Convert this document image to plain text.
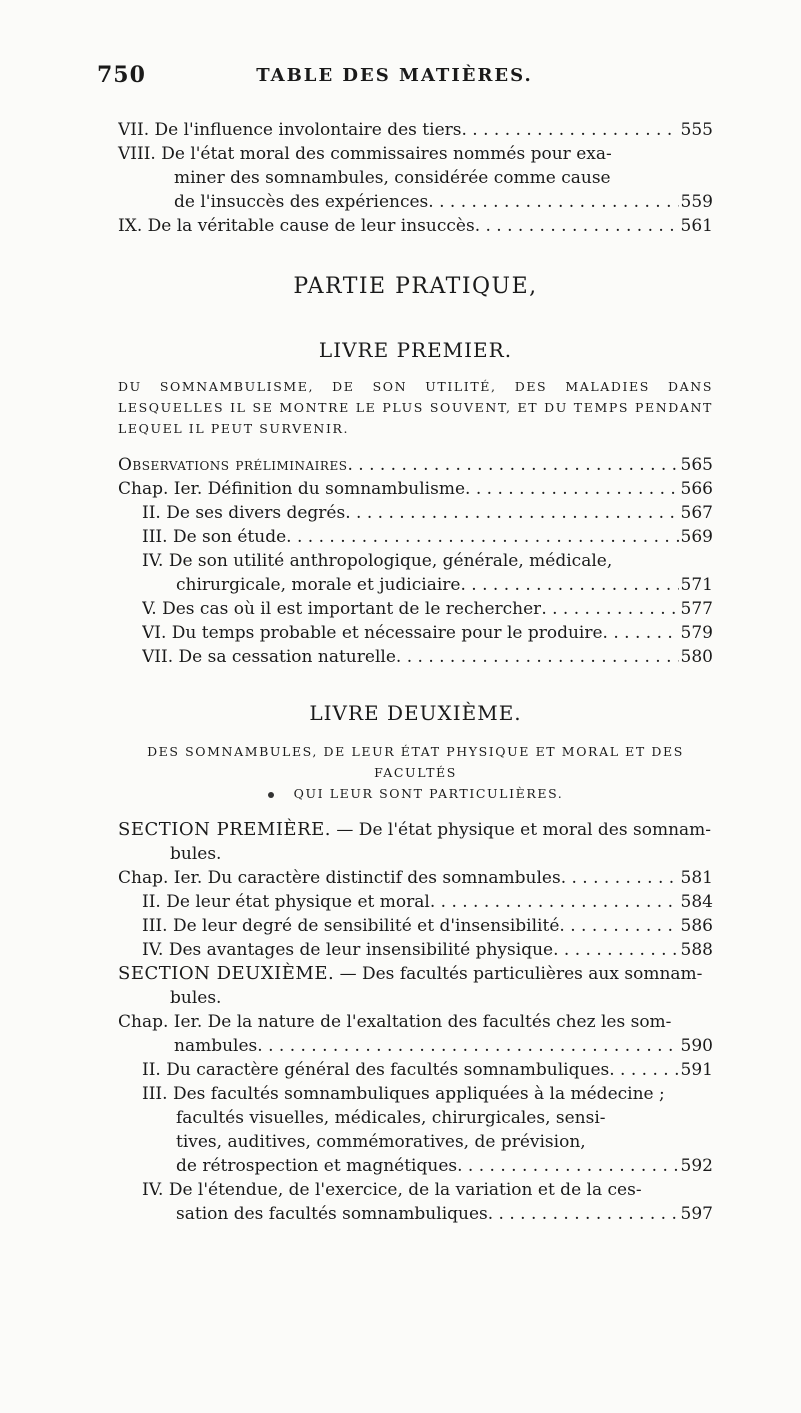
750	TABLE DES MATIÈRES.
VII. De l'influence involontaire des tiers . . .	555
VIII. De l'état moral des commissaires nommés pour exa-
miner des somnambules, considérée comme cause
de l'insuccès des expériences . . .	559
IX. De la véritable cause de leur insuccès . . .	561
PARTIE PRATIQUE,
LIVRE PREMIER.
DU SOMNAMBULISME, DE SON UTILITÉ, DES MALADIES DANS LESQUELLES IL SE MONTRE LE PLUS SOUVENT, ET DU TEMPS PENDANT LEQUEL IL PEUT SURVENIR.
Observations préliminaires . . .	565
Chap. Ier. Définition du somnambulisme . . .	566
II. De ses divers degrés . . .	567
III. De son étude . . .	569
IV. De son utilité anthropologique, générale, médicale,
chirurgicale, morale et judiciaire . . .	571
V. Des cas où il est important de le rechercher . . .	577
VI. Du temps probable et nécessaire pour le produire . . .	579
VII. De sa cessation naturelle . . .	580
LIVRE DEUXIÈME.
DES SOMNAMBULES, DE LEUR ÉTAT PHYSIQUE ET MORAL ET DES FACULTÉS
QUI LEUR SONT PARTICULIÈRES.
SECTION PREMIÈRE. — De l'état physique et moral des somnam-
bules.
Chap. Ier. Du caractère distinctif des somnambules . . .	581
II. De leur état physique et moral . . .	584
III. De leur degré de sensibilité et d'insensibilité . . .	586
IV. Des avantages de leur insensibilité physique . . .	588
SECTION DEUXIÈME. — Des facultés particulières aux somnam-
bules.
Chap. Ier. De la nature de l'exaltation des facultés chez les som-
nambules . . .	590
II. Du caractère général des facultés somnambuliques . . .	591
III. Des facultés somnambuliques appliquées à la médecine ;
facultés visuelles, médicales, chirurgicales, sensi-
tives, auditives, commémoratives, de prévision,
de rétrospection et magnétiques . . .	592
IV. De l'étendue, de l'exercice, de la variation et de la ces-
sation des facultés somnambuliques . . .	597
